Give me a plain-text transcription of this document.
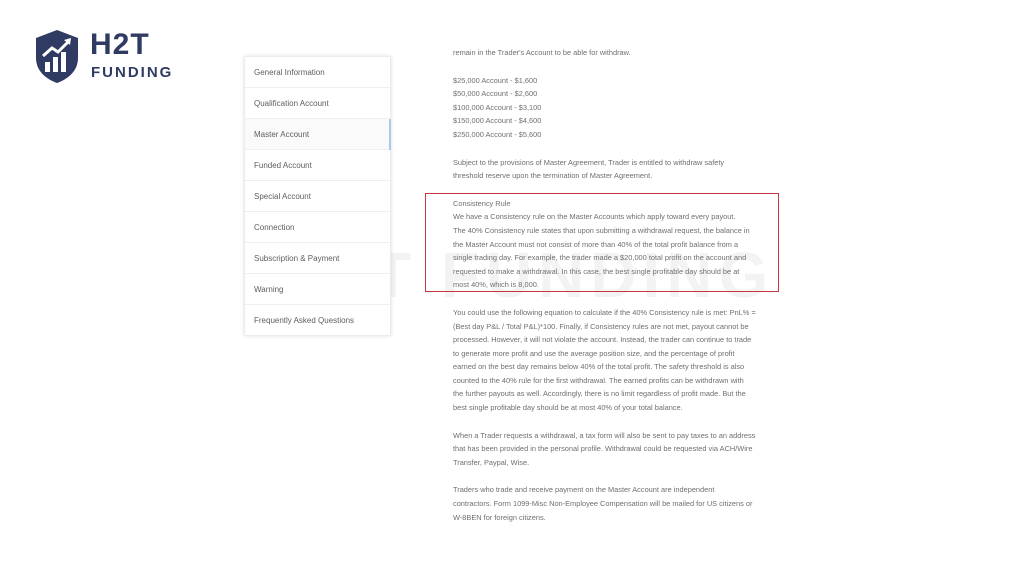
H2T
FUNDING	General Information
Qualification Account
Master Account
Funded Account
Special Account
Connection
Subscription & Payment
Warning
Frequently Asked Questions
remain in the Trader's Account to be able for withdraw.
$25,000 Account - $1,600
$50,000 Account - $2,600
$100,000 Account - $3,100
$150,000 Account - $4,600
$250,000 Account - $5,600
Subject to the provisions of Master Agreement, Trader is entitled to withdraw safety
threshold reserve upon the termination of Master Agreement.
Consistency Rule
We have a Consistency rule on the Master Accounts which apply toward every payout.
The 40% Consistency rule states that upon submitting a withdrawal request, the balance in
the Master Account must not consist of more than 40% of the total profit balance from a
single trading day. For example, the trader made a $20,000 total profit on the account and
requested to make a withdrawal. In this case, the best single profitable day should be at
most 40%, which is 8,000.
You could use the following equation to calculate if the 40% Consistency rule is met: PnL% =
(Best day P&L / Total P&L)*100. Finally, if Consistency rules are not met, payout cannot be
processed. However, it will not violate the account. Instead, the trader can continue to trade
to generate more profit and use the average position size, and the percentage of profit
earned on the best day remains below 40% of the total profit. The safety threshold is also
counted to the 40% rule for the first withdrawal. The earned profits can be withdrawn with
the further payouts as well. Accordingly, there is no limit regardless of profit made. But the
best single profitable day should be at most 40% of your total balance.
When a Trader requests a withdrawal, a tax form will also be sent to pay taxes to an address
that has been provided in the personal profile. Withdrawal could be requested via ACH/Wire
Transfer, Paypal, Wise.
Traders who trade and receive payment on the Master Account are independent
contractors. Form 1099-Misc Non-Employee Compensation will be mailed for US citizens or
W-8BEN for foreign citizens.
